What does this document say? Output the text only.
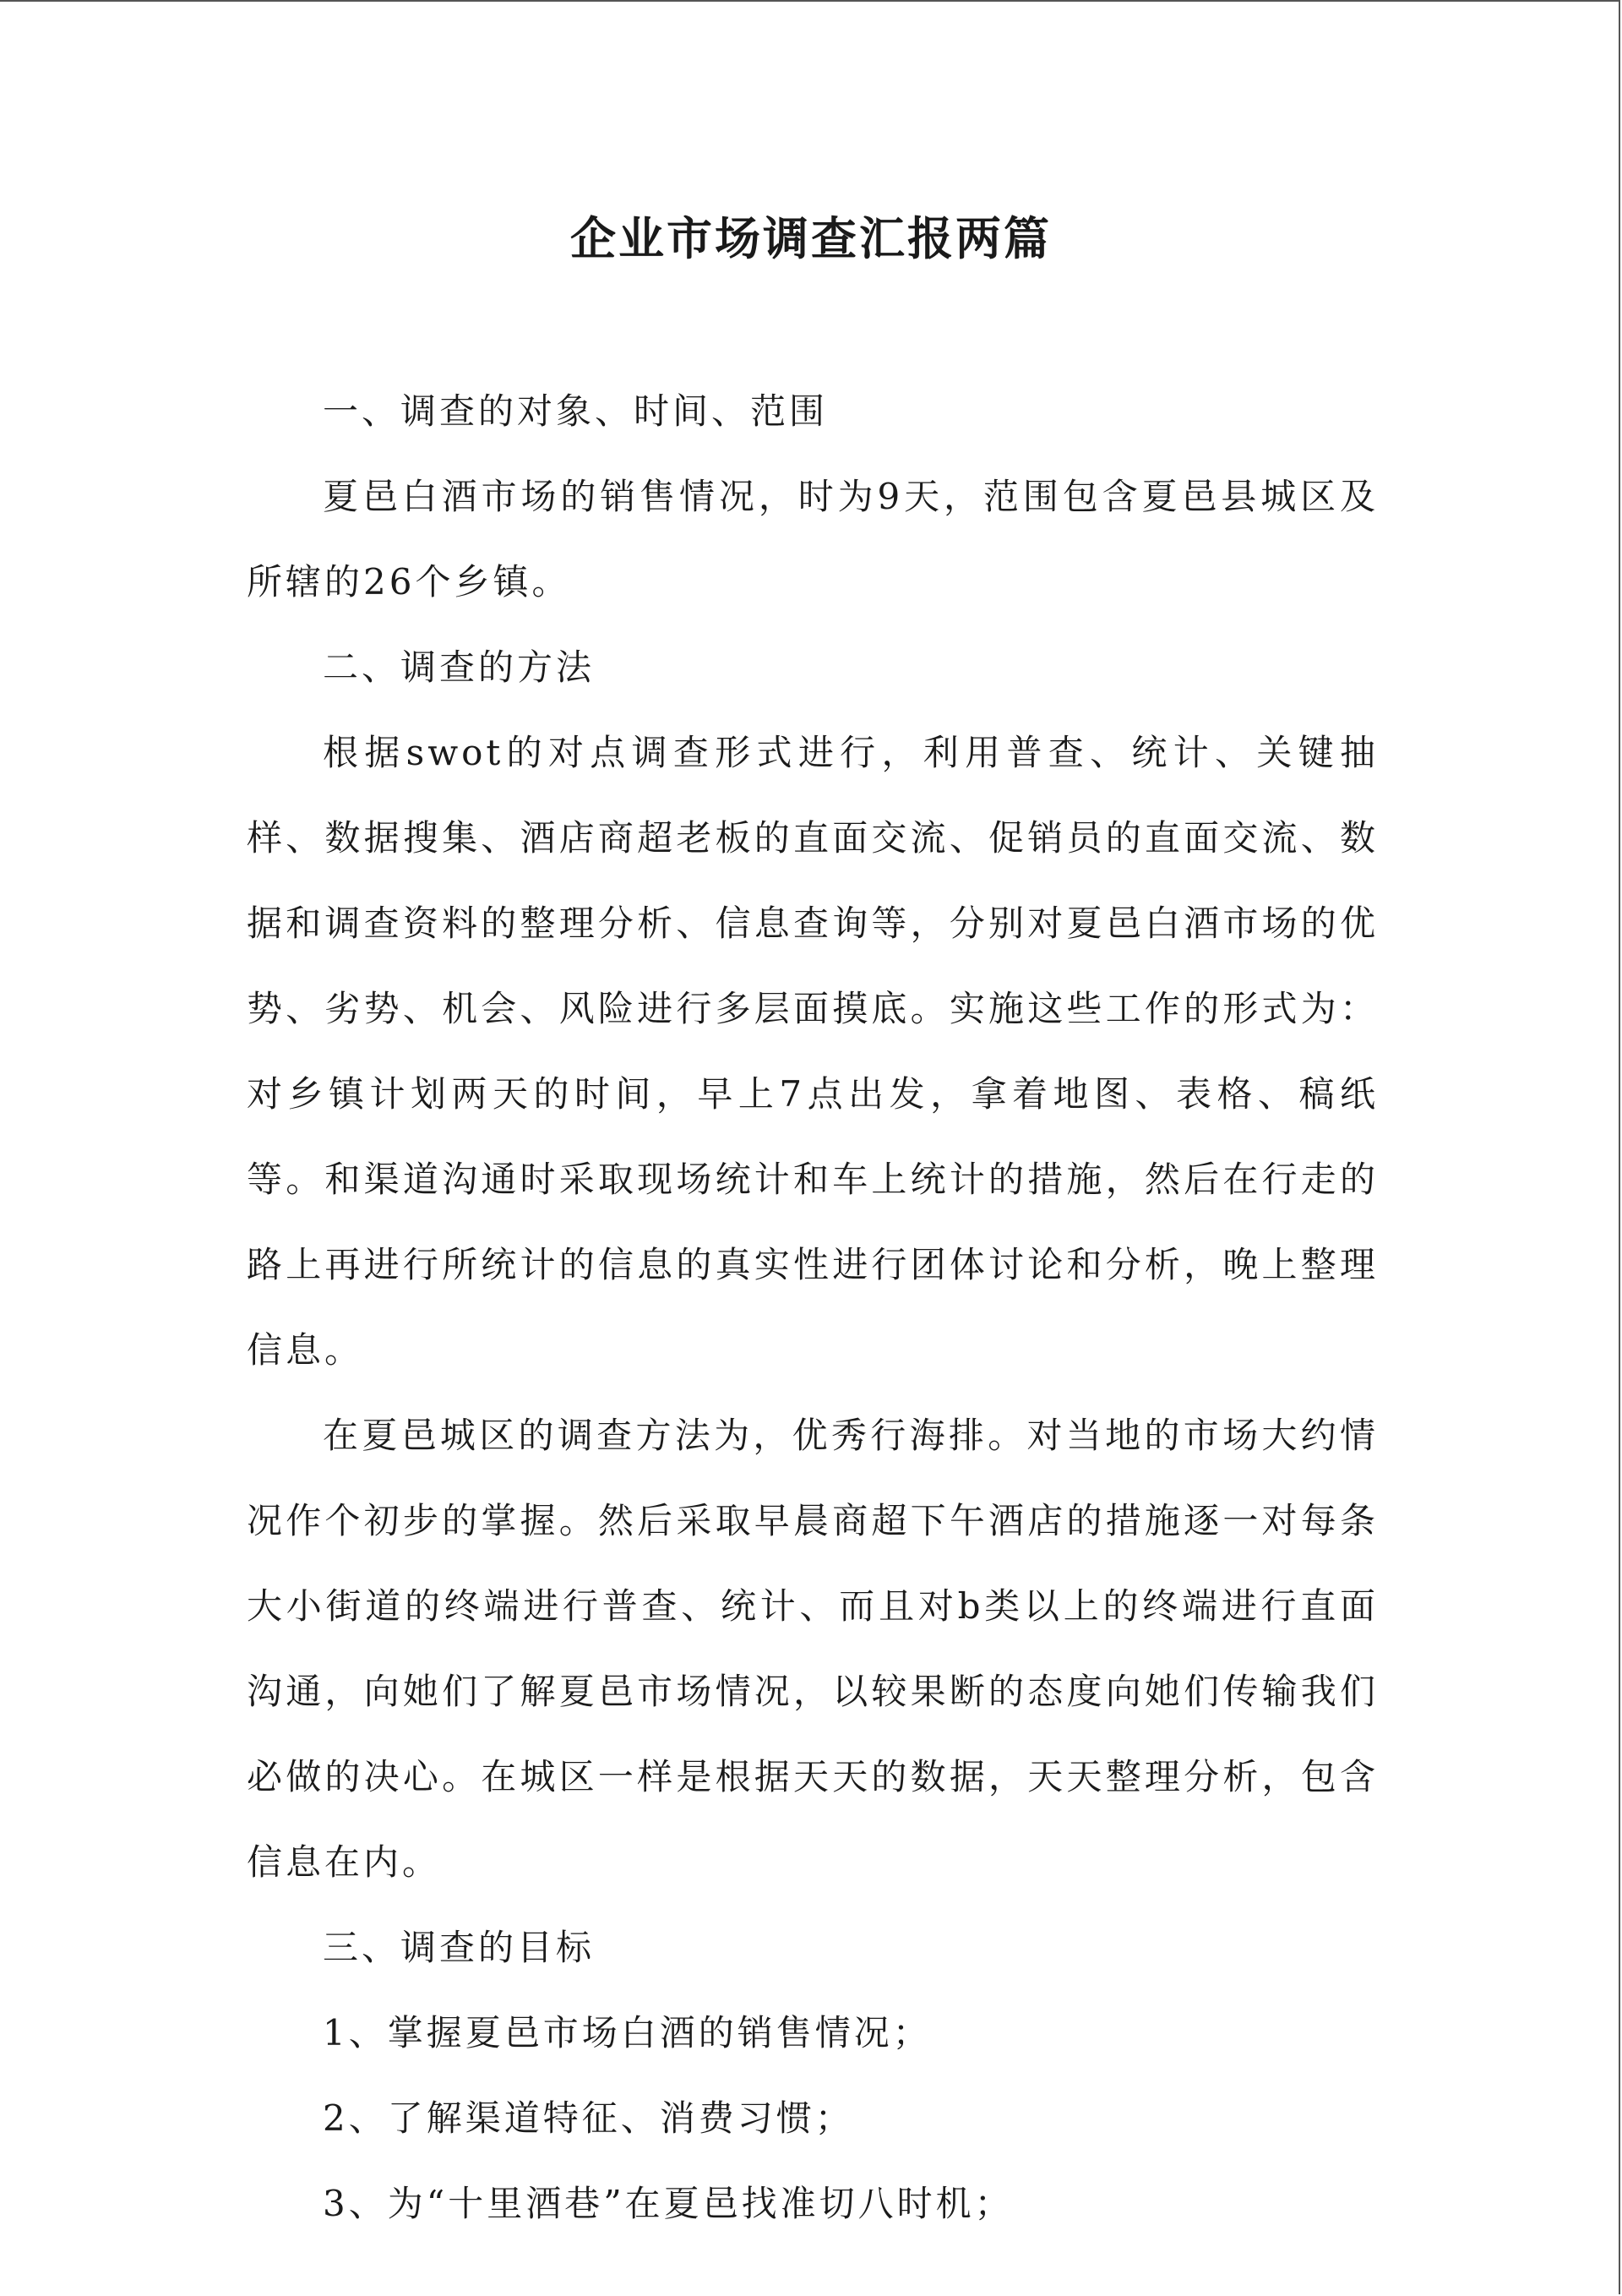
企业市场调查汇报两篇

一、调查的对象、时间、范围

夏邑白酒市场的销售情况，时为9天，范围包含夏邑县城区及所辖的26个乡镇。

二、调查的方法

根据swot的对点调查形式进行，利用普查、统计、关键抽样、数据搜集、酒店商超老板的直面交流、促销员的直面交流、数据和调查资料的整理分析、信息查询等，分别对夏邑白酒市场的优势、劣势、机会、风险进行多层面摸底。实施这些工作的形式为：对乡镇计划两天的时间，早上7点出发，拿着地图、表格、稿纸等。和渠道沟通时采取现场统计和车上统计的措施，然后在行走的路上再进行所统计的信息的真实性进行团体讨论和分析，晚上整理信息。

在夏邑城区的调查方法为，优秀行海排。对当地的市场大约情况作个初步的掌握。然后采取早晨商超下午酒店的措施逐一对每条大小街道的终端进行普查、统计、而且对b类以上的终端进行直面沟通，向她们了解夏邑市场情况，以较果断的态度向她们传输我们必做的决心。在城区一样是根据天天的数据，天天整理分析，包含信息在内。

三、调查的目标

1、掌握夏邑市场白酒的销售情况；

2、了解渠道特征、消费习惯；

3、为“十里酒巷”在夏邑找准切八时机；
